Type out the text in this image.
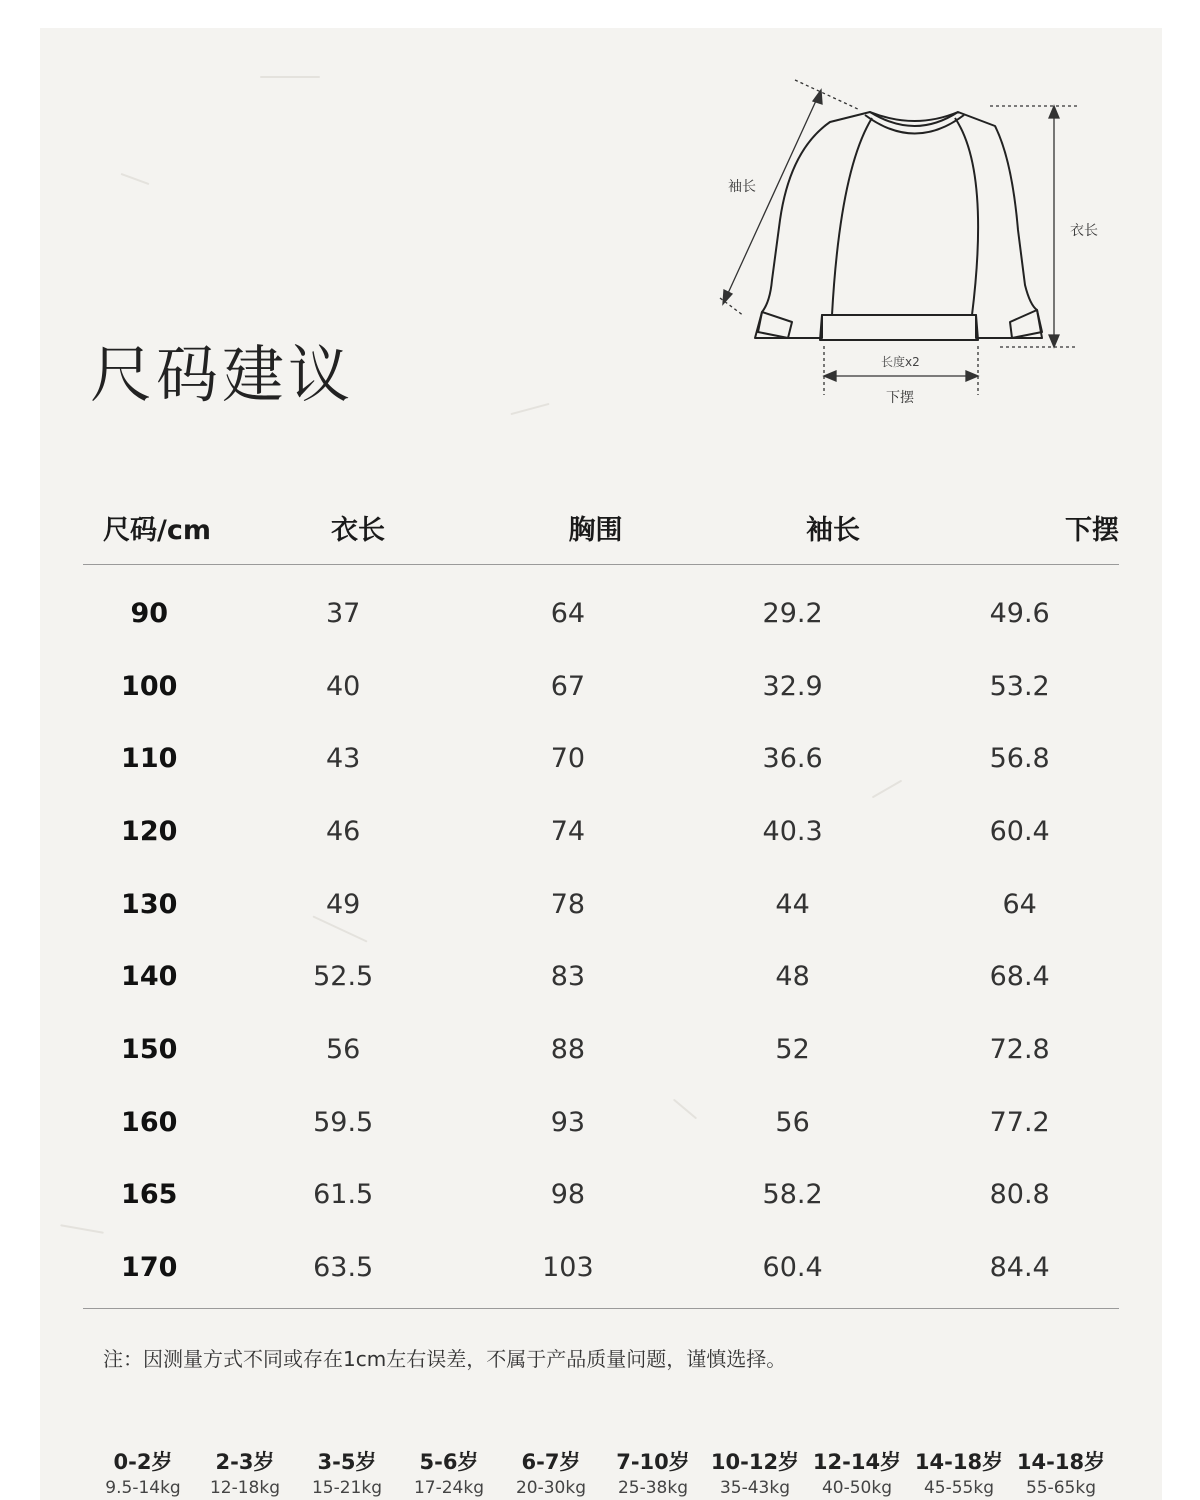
尺码建议
袖长
衣长
长度x2
下摆
尺码/cm	衣长	胸围	袖长	下摆
90	37	64	29.2	49.6
100	40	67	32.9	53.2
110	43	70	36.6	56.8
120	46	74	40.3	60.4
130	49	78	44	64
140	52.5	83	48	68.4
150	56	88	52	72.8
160	59.5	93	56	77.2
165	61.5	98	58.2	80.8
170	63.5	103	60.4	84.4
注：因测量方式不同或存在1cm左右误差，不属于产品质量问题，谨慎选择。
0-2岁
9.5-14kg
2-3岁
12-18kg
3-5岁
15-21kg
5-6岁
17-24kg
6-7岁
20-30kg
7-10岁
25-38kg
10-12岁
35-43kg
12-14岁
40-50kg
14-18岁
45-55kg
14-18岁
55-65kg
